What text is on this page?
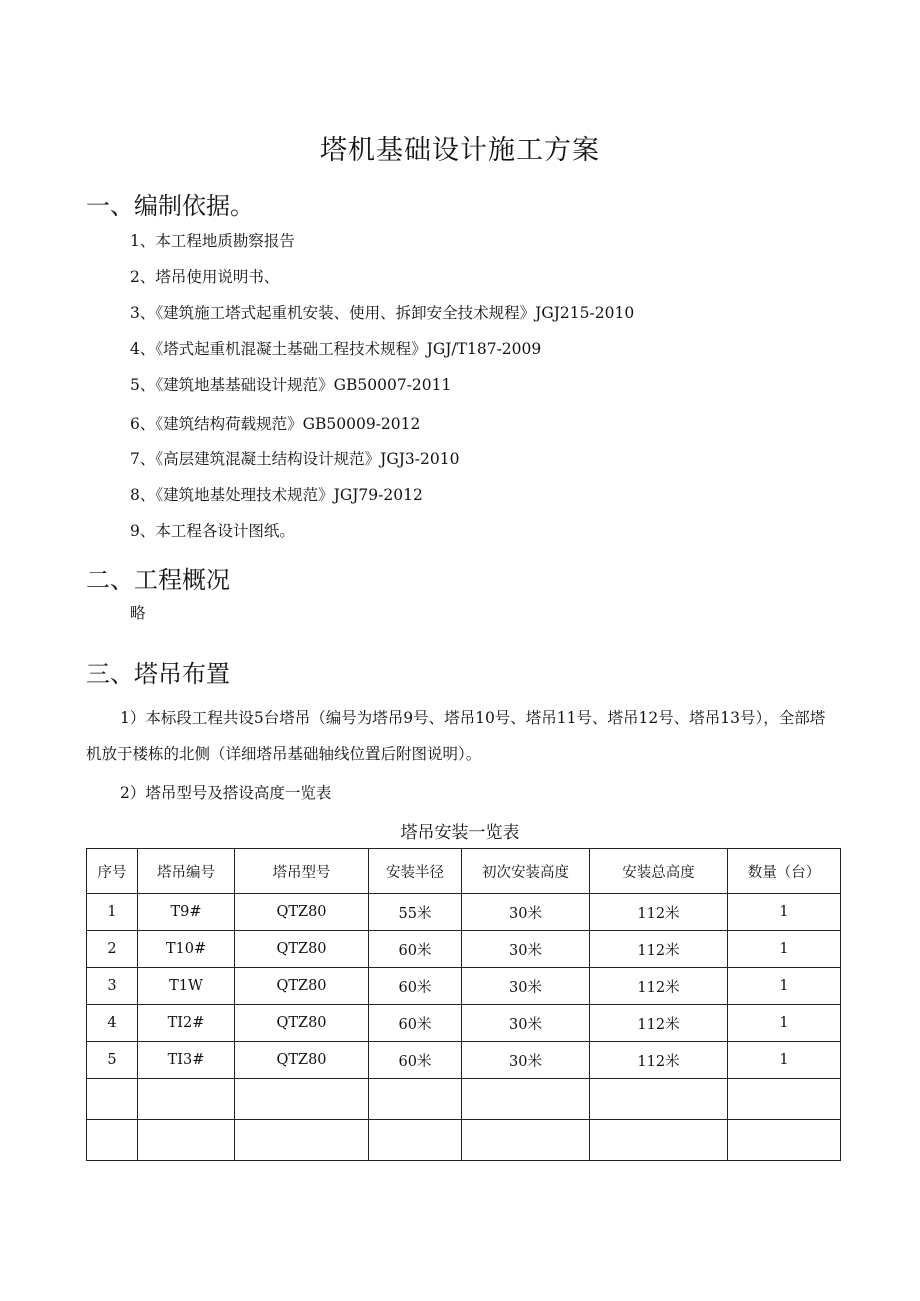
塔机基础设计施工方案
一、编制依据。
1、本工程地质勘察报告
2、塔吊使用说明书、
3、《建筑施工塔式起重机安装、使用、拆卸安全技术规程》JGJ215-2010
4、《塔式起重机混凝土基础工程技术规程》JGJ/T187-2009
5、《建筑地基基础设计规范》GB50007-2011
6、《建筑结构荷载规范》GB50009-2012
7、《高层建筑混凝土结构设计规范》JGJ3-2010
8、《建筑地基处理技术规范》JGJ79-2012
9、本工程各设计图纸。
二、工程概况
略
三、塔吊布置
1）本标段工程共设5台塔吊（编号为塔吊9号、塔吊10号、塔吊11号、塔吊12号、塔吊13号），全部塔机放于楼栋的北侧（详细塔吊基础轴线位置后附图说明）。
2）塔吊型号及搭设高度一览表
塔吊安装一览表
序号	塔吊编号	塔吊型号	安装半径	初次安装高度	安装总高度	数量（台）
1	T9#	QTZ80	55米	30米	112米	1
2	T10#	QTZ80	60米	30米	112米	1
3	T1W	QTZ80	60米	30米	112米	1
4	TI2#	QTZ80	60米	30米	112米	1
5	TI3#	QTZ80	60米	30米	112米	1
